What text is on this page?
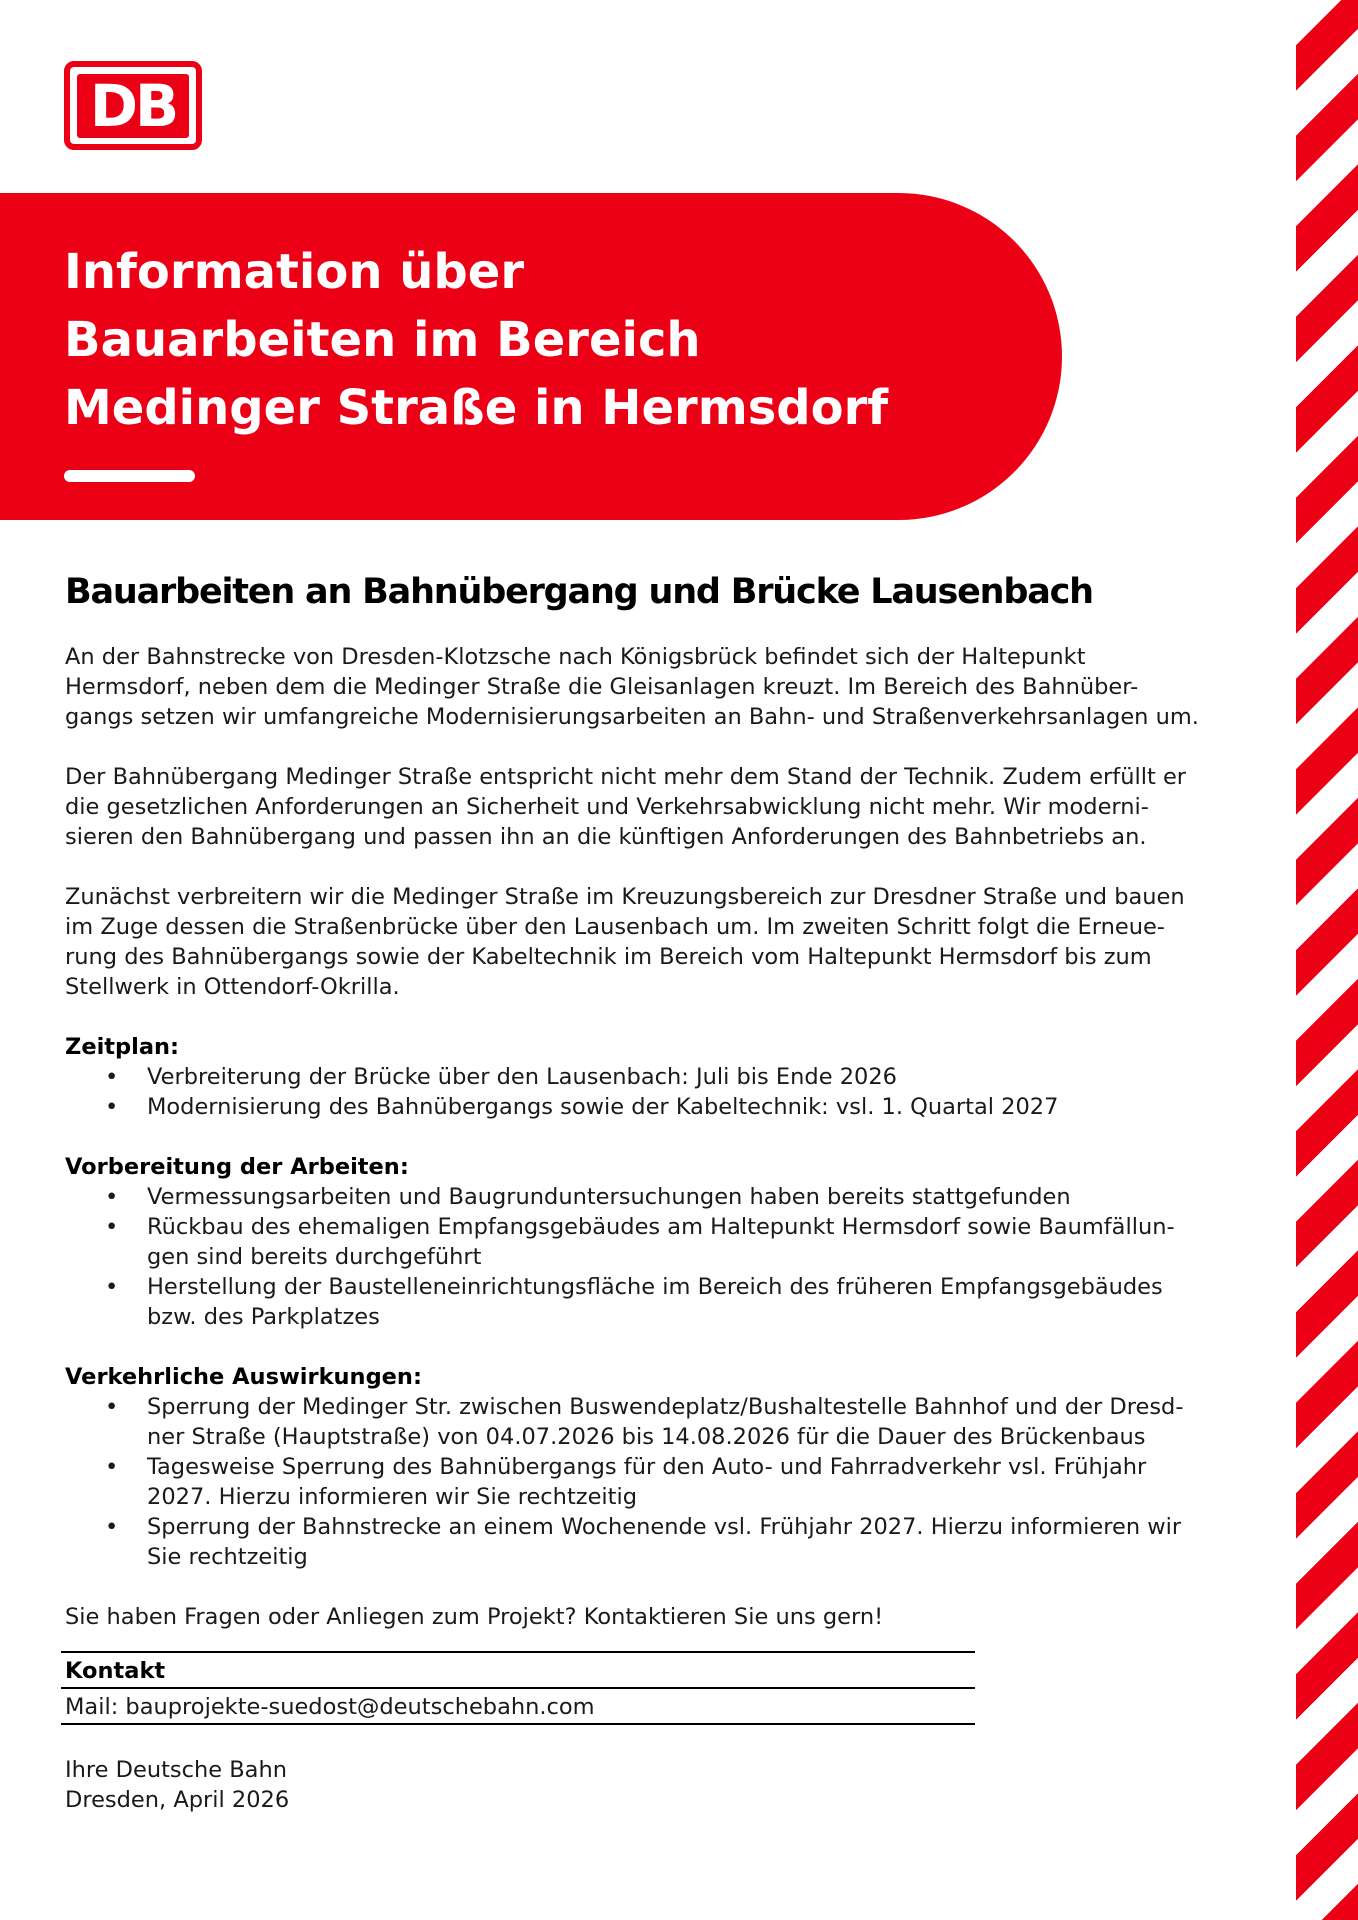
DB
Information über
Bauarbeiten im Bereich
Medinger Straße in Hermsdorf
Bauarbeiten an Bahnübergang und Brücke Lausenbach

An der Bahnstrecke von Dresden-Klotzsche nach Königsbrück befindet sich der Haltepunkt
Hermsdorf, neben dem die Medinger Straße die Gleisanlagen kreuzt. Im Bereich des Bahnüber-
gangs setzen wir umfangreiche Modernisierungsarbeiten an Bahn- und Straßenverkehrsanlagen um.

Der Bahnübergang Medinger Straße entspricht nicht mehr dem Stand der Technik. Zudem erfüllt er
die gesetzlichen Anforderungen an Sicherheit und Verkehrsabwicklung nicht mehr. Wir moderni-
sieren den Bahnübergang und passen ihn an die künftigen Anforderungen des Bahnbetriebs an.

Zunächst verbreitern wir die Medinger Straße im Kreuzungsbereich zur Dresdner Straße und bauen
im Zuge dessen die Straßenbrücke über den Lausenbach um. Im zweiten Schritt folgt die Erneue-
rung des Bahnübergangs sowie der Kabeltechnik im Bereich vom Haltepunkt Hermsdorf bis zum
Stellwerk in Ottendorf-Okrilla.

Zeitplan:

• Verbreiterung der Brücke über den Lausenbach: Juli bis Ende 2026
• Modernisierung des Bahnübergangs sowie der Kabeltechnik: vsl. 1. Quartal 2027

Vorbereitung der Arbeiten:

• Vermessungsarbeiten und Baugrunduntersuchungen haben bereits stattgefunden
• Rückbau des ehemaligen Empfangsgebäudes am Haltepunkt Hermsdorf sowie Baumfällun-
gen sind bereits durchgeführt
• Herstellung der Baustelleneinrichtungsfläche im Bereich des früheren Empfangsgebäudes
bzw. des Parkplatzes

Verkehrliche Auswirkungen:

• Sperrung der Medinger Str. zwischen Buswendeplatz/Bushaltestelle Bahnhof und der Dresd-
ner Straße (Hauptstraße) von 04.07.2026 bis 14.08.2026 für die Dauer des Brückenbaus
• Tagesweise Sperrung des Bahnübergangs für den Auto- und Fahrradverkehr vsl. Frühjahr
2027. Hierzu informieren wir Sie rechtzeitig
• Sperrung der Bahnstrecke an einem Wochenende vsl. Frühjahr 2027. Hierzu informieren wir
Sie rechtzeitig

Sie haben Fragen oder Anliegen zum Projekt? Kontaktieren Sie uns gern!

Kontakt
Mail: bauprojekte-suedost@deutschebahn.com
Ihre Deutsche Bahn
Dresden, April 2026
